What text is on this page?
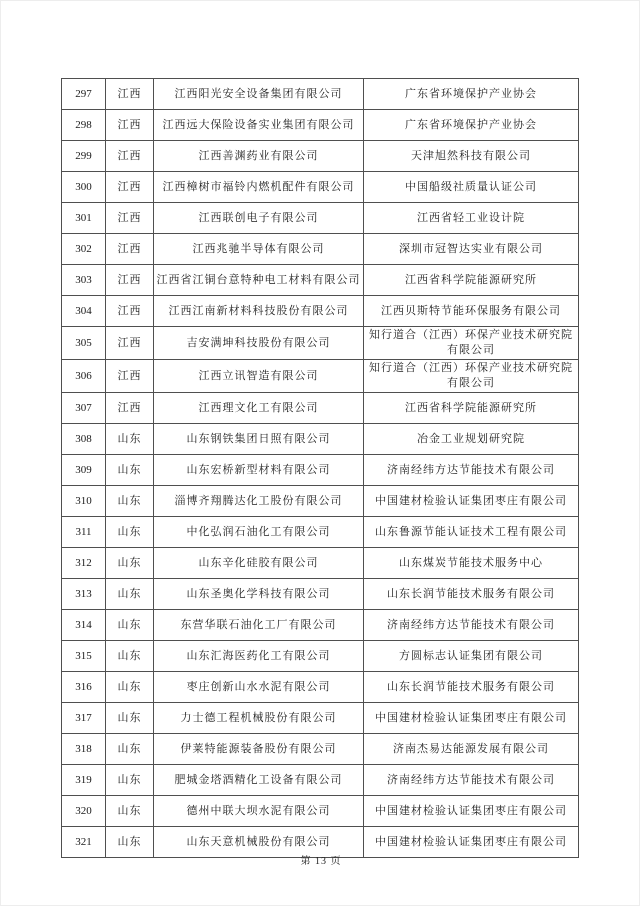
297	江西	江西阳光安全设备集团有限公司	广东省环境保护产业协会
298	江西	江西远大保险设备实业集团有限公司	广东省环境保护产业协会
299	江西	江西善渊药业有限公司	天津旭然科技有限公司
300	江西	江西樟树市福铃内燃机配件有限公司	中国船级社质量认证公司
301	江西	江西联创电子有限公司	江西省轻工业设计院
302	江西	江西兆驰半导体有限公司	深圳市冠智达实业有限公司
303	江西	江西省江铜台意特种电工材料有限公司	江西省科学院能源研究所
304	江西	江西江南新材料科技股份有限公司	江西贝斯特节能环保服务有限公司
305	江西	吉安满坤科技股份有限公司	知行道合（江西）环保产业技术研究院有限公司
306	江西	江西立讯智造有限公司	知行道合（江西）环保产业技术研究院有限公司
307	江西	江西理文化工有限公司	江西省科学院能源研究所
308	山东	山东钢铁集团日照有限公司	冶金工业规划研究院
309	山东	山东宏桥新型材料有限公司	济南经纬方达节能技术有限公司
310	山东	淄博齐翔腾达化工股份有限公司	中国建材检验认证集团枣庄有限公司
311	山东	中化弘润石油化工有限公司	山东鲁源节能认证技术工程有限公司
312	山东	山东辛化硅胶有限公司	山东煤炭节能技术服务中心
313	山东	山东圣奥化学科技有限公司	山东长润节能技术服务有限公司
314	山东	东营华联石油化工厂有限公司	济南经纬方达节能技术有限公司
315	山东	山东汇海医药化工有限公司	方圆标志认证集团有限公司
316	山东	枣庄创新山水水泥有限公司	山东长润节能技术服务有限公司
317	山东	力士德工程机械股份有限公司	中国建材检验认证集团枣庄有限公司
318	山东	伊莱特能源装备股份有限公司	济南杰易达能源发展有限公司
319	山东	肥城金塔酒精化工设备有限公司	济南经纬方达节能技术有限公司
320	山东	德州中联大坝水泥有限公司	中国建材检验认证集团枣庄有限公司
321	山东	山东天意机械股份有限公司	中国建材检验认证集团枣庄有限公司
第 13 页
